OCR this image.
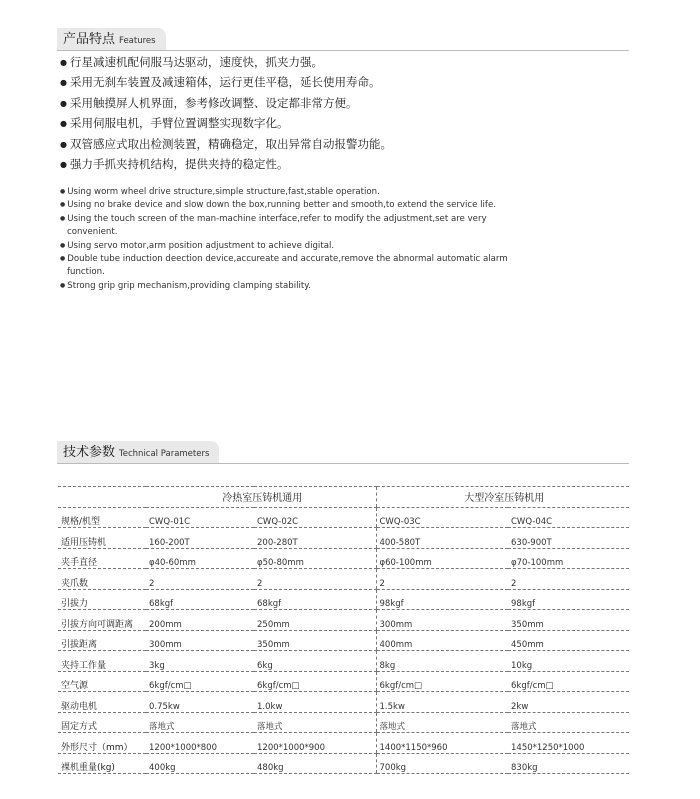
产品特点 Features
● 行星减速机配伺服马达驱动，速度快，抓夹力强。
● 采用无刹车装置及减速箱体，运行更佳平稳，延长使用寿命。
● 采用触摸屏人机界面，参考修改调整、设定都非常方便。
● 采用伺服电机，手臂位置调整实现数字化。
● 双管感应式取出检测装置，精确稳定，取出异常自动报警功能。
● 强力手抓夹持机结构，提供夹持的稳定性。
● Using worm wheel drive structure,simple structure,fast,stable operation.
● Using no brake device and slow down the box,running better and smooth,to extend the service life.
● Using the touch screen of the man-machine interface,refer to modify the adjustment,set are very convenient.
● Using servo motor,arm position adjustment to achieve digital.
● Double tube induction deection device,accureate and accurate,remove the abnormal automatic alarm function.
● Strong grip grip mechanism,providing clamping stability.
技术参数 Technical Parameters
	冷热室压铸机通用		大型冷室压铸机用	
规格/机型	CWQ-01C	CWQ-02C	CWQ-03C	CWQ-04C
适用压铸机	160-200T	200-280T	400-580T	630-900T
夹手直径	φ40-60mm	φ50-80mm	φ60-100mm	φ70-100mm
夹爪数	2	2	2	2
引拔力	68kgf	68kgf	98kgf	98kgf
引拔方向可调距离	200mm	250mm	300mm	350mm
引拔距离	300mm	350mm	400mm	450mm
夹持工作量	3kg	6kg	8kg	10kg
空气源	6kgf/cm□	6kgf/cm□	6kgf/cm□	6kgf/cm□
驱动电机	0.75kw	1.0kw	1.5kw	2kw
固定方式	落地式	落地式	落地式	落地式
外形尺寸（mm）	1200*1000*800	1200*1000*900	1400*1150*960	1450*1250*1000
裸机重量(kg)	400kg	480kg	700kg	830kg
